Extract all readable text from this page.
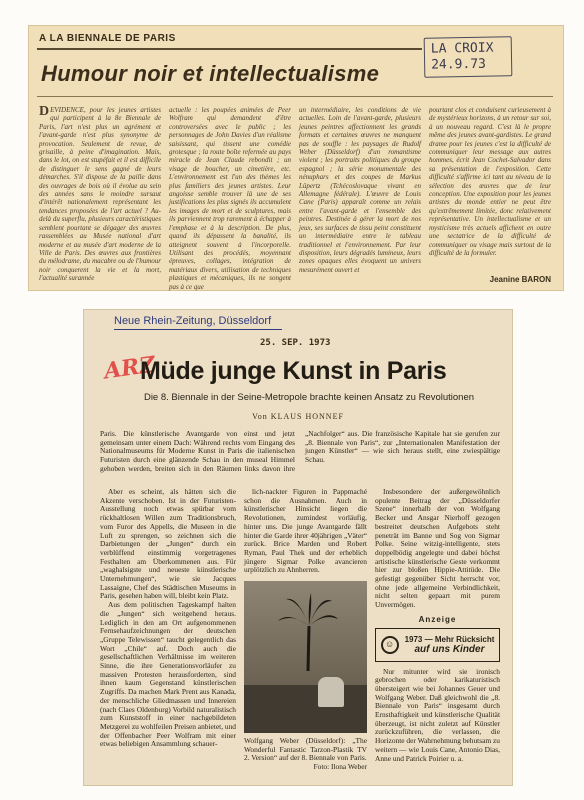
A LA BIENNALE DE PARIS
Humour noir et intellectualisme
LA CROIX
24.9.73
DEVIDENCE, pour les jeunes artistes qui participent à la 8e Biennale de Paris, l'art n'est plus un agrément et l'avant-garde n'est plus synonyme de provocation. Seulement de revue, de grisaille, à peine d'imagination. Mais, dans le lot, on est stupéfait et il est difficile de distinguer le sens gagné de leurs démarches. S'il dispose de la paille dans des ouvrages de bois où il évolue au sein des années sans le moindre sursaut d'intérêt nationalement représentant les tendances proposées de l'art actuel ? Au-delà du superflu, plusieurs caractéristiques semblent pourtant se dégager des œuvres rassemblées au Musée national d'art moderne et au musée d'art moderne de la Ville de Paris. Des œuvres aux frontières du mélodrame, du macabre ou de l'humour noir conquerent la vie et la mort, l'actualité surannée
actuelle : les poupées animées de Peer Wolfram qui demandent d'être controversées avec le public ; les personnages de John Davies d'un réalisme saisissant, qui tissent une comédie grotesque ; la route boîte refermée au pays miracle de Jean Claude rebondit ; un visage de boucher, un cimetière, etc. L'environnement est l'un des thèmes les plus familiers des jeunes artistes. Leur angoisse semble trouver là une de ses justifications les plus signés ils accumulent les images de mort et de sculptures, mais ils parviennent trop rarement à échapper à l'emphase et à la description. De plus, quand ils dépassent la banalité, ils atteignent souvent à l'incorporelle. Utilisant des procédés, moyennant épreuves, collages, intégration de matériaux divers, utilisation de techniques plastiques et mécaniques, ils ne songent pas à ce que
un intermédiaire, les conditions de vie actuelles. Loin de l'avant-garde, plusieurs jeunes peintres affectionnent les grands formats et certaines œuvres ne manquent pas de souffle : les paysages de Rudolf Weber (Düsseldorf) d'un romantisme violent ; les portraits politiques du groupe espagnol ; la série monumentale des nénuphars et des coupes de Markus Lüpertz (Tchécoslovaque vivant en Allemagne fédérale). L'œuvre de Louis Cane (Paris) apparaît comme un relais entre l'avant-garde et l'ensemble des peintres. Destinée à gérer la mort de nos jeux, ses surfaces de tissu peint constituent un intermédiaire entre le tableau traditionnel et l'environnement. Par leur disposition, leurs dégradés lumineux, leurs zones opaques elles évoquent un univers mesurément ouvert et
pourtant clos et conduisent curieusement à de mystérieux horizons, à un retour sur soi, à un nouveau regard. C'est là le propre même des jeunes avant-gardistes. Le grand drame pour les jeunes c'est la difficulté de communiquer leur message aux autres hommes, écrit Jean Cochet-Salvador dans sa présentation de l'exposition. Cette difficulté s'affirme ici tant au niveau de la sélection des œuvres que de leur conception. Une exposition pour les jeunes artistes du monde entier ne peut être qu'extrêmement limitée, donc relativement représentative. Un intellectualisme et un mysticisme très actuels affichent en outre une sectatrice de la difficulté de communiquer ou visage mais surtout de la difficulté de la formuler.
Jeanine BARON
Neue Rhein-Zeitung, Düsseldorf
25. SEP. 1973
ARZ
Müde junge Kunst in Paris
Die 8. Biennale in der Seine-Metropole brachte keinen Ansatz zu Revolutionen
Von KLAUS HONNEF
Paris. Die künstlerische Avantgarde von einst und jetzt gemeinsam unter einem Dach: Während rechts vom Eingang des Nationalmuseums für Moderne Kunst in Paris die italienischen Futuristen durch eine glänzende Schau in den museal Himmel gehoben werden, breiten sich in den Räumen links davon ihre „Nachfolger“ aus. Die französische Kapitale hat sie gerufen zur „8. Biennale von Paris“, zur „Internationalen Manifestation der jungen Künstler“ — wie sich heraus stellt, eine zwiespältige Schau.

Aber es scheint, als hätten sich die Akzente verschoben. Ist in der Futuristen-Ausstellung noch etwas spürbar vom rückhaltlosen Willen zum Traditionsbruch, vom Furor des Appells, die Museen in die Luft zu sprengen, so zeichnen sich die Darbietungen der „Jungen“ durch ein verblüffend einstimmig vorgetragenes Festhalten am Überkommenen aus. Für „waghalsigste und neueste künstlerische Unternehmungen“, wie sie Jacques Lassaigne, Chef des Städtischen Museums in Paris, gesehen haben will, bleibt kein Platz.

Aus dem politischen Tageskampf halten die „Jungen“ sich weitgehend heraus. Lediglich in den am Ort aufgenommenen Fernsehaufzeichnungen der deutschen „Gruppe Telewissen“ taucht gelegentlich das Wort „Chile“ auf. Doch auch die gesellschaftlichen Verhältnisse im weiteren Sinne, die ihre Generationsvorläufer zu massiven Protesten herausforderten, sind ihnen kaum Gegenstand künstlerischen Zugriffs. Da machen Mark Prent aus Kanada, der menschliche Gliedmassen und Innereien (nach Claes Oldenburg) Vorbild naturalistisch zum Kunststoff in einer nachgebildeten Metzgerei zu wohlfeilen Preisen anbietet, und der Offenbacher Peer Wolfram mit einer etwas beliebigen Ansammlung schauer-

lich-nackter Figuren in Pappmaché schon die Ausnahmen. Auch in künstlerischer Hinsicht liegen die Revolutionen, zumindest vorläufig, hinter uns. Die junge Avantgarde fällt hinter die Garde ihrer 40jährigen „Väter“ zurück. Brice Marden und Robert Ryman, Paul Thek und der erheblich jüngere Sigmar Polke avancieren urplötzlich zu Ahnherren.

Wolfgang Weber (Düsseldorf): „The Wonderful Fantastic Tarzon-Plastik TV 2. Version“ auf der 8. Biennale von Paris.
Foto: Ilona Weber

Insbesondere der außergewöhnlich opulente Beitrag der „Düsseldorfer Szene“ innerhalb der von Wolfgang Becker und Ansgar Nierhoff gezogen bestreitet deutschen Aufgebots steht peneträt im Banne und Sog von Sigmar Polke. Seine witzig-intelligente, stets doppelbödig angelegte und dabei höchst artistische künstlerische Geste verkommt hier zur bloßen Hippie-Attitüde. Die gefestigt gegenüber Sicht herrscht vor, ohne jede allgemeine Verbindlichkeit, nicht selten gepaart mit purem Unvermögen.

Anzeige
☺
1973 — Mehr Rücksicht
auf uns Kinder

Nur mitunter wird sie ironisch gebrochen oder karikaturistisch übersteigert wie bei Johannes Geuer und Wolfgang Weber. Daß gleichwohl die „8. Biennale von Paris“ insgesamt durch Ernsthaftigkeit und künstlerische Qualität überzeugt, ist nicht zuletzt auf Künstler zurückzuführen, die verlassen, die Horizonte der Wahrnehmung behutsam zu weitern — wie Louis Cane, Antonio Dias, Anne und Patrick Poirier u. a.
